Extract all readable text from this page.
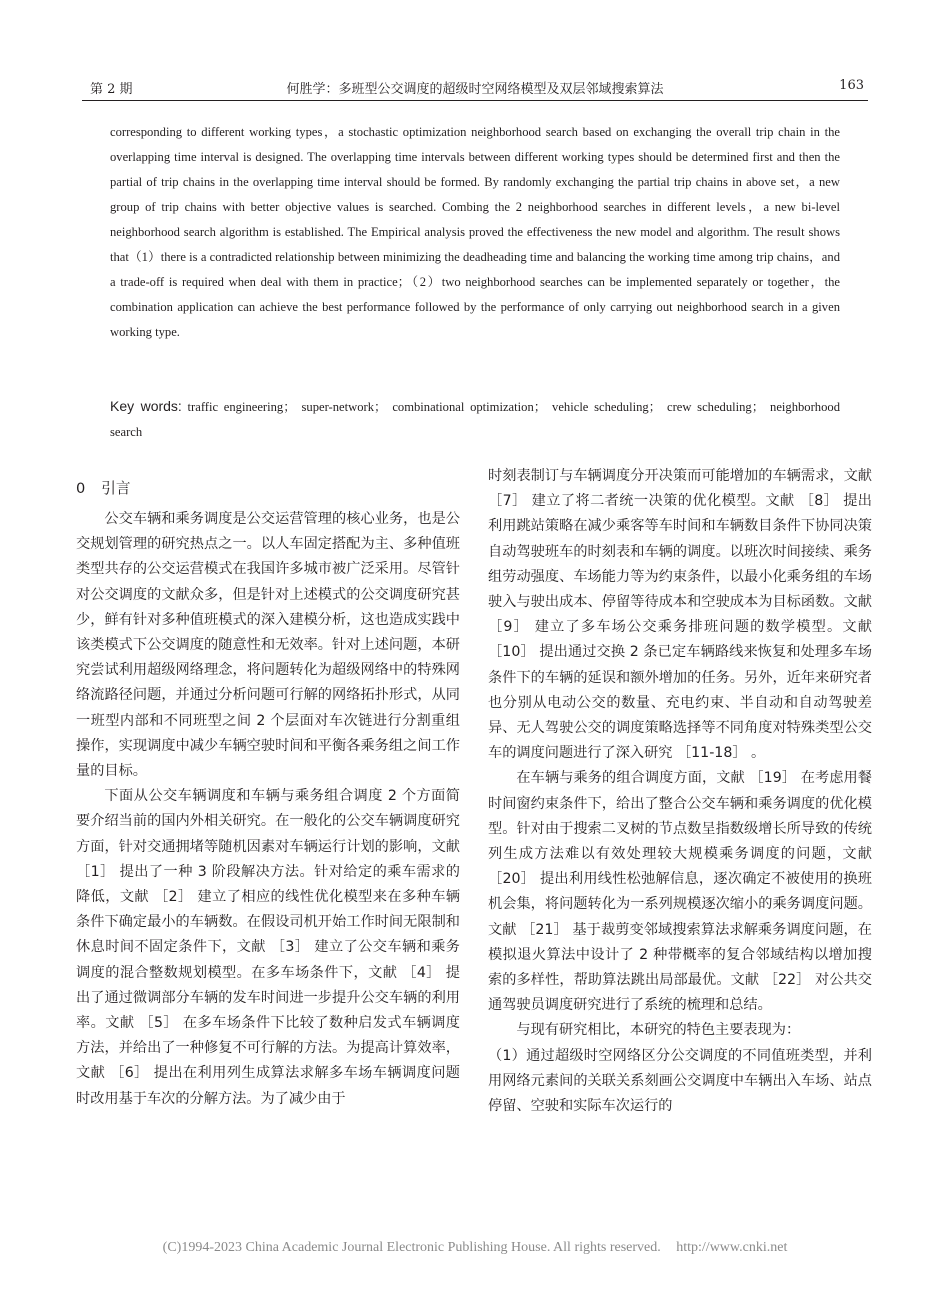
第 2 期	何胜学：多班型公交调度的超级时空网络模型及双层邻域搜索算法	163
corresponding to different working types，a stochastic optimization neighborhood search based on exchanging the overall trip chain in the overlapping time interval is designed. The overlapping time intervals between different working types should be determined first and then the partial of trip chains in the overlapping time interval should be formed. By randomly exchanging the partial trip chains in above set，a new group of trip chains with better objective values is searched. Combing the 2 neighborhood searches in different levels，a new bi-level neighborhood search algorithm is established. The Empirical analysis proved the effectiveness the new model and algorithm. The result shows that（1）there is a contradicted relationship between minimizing the deadheading time and balancing the working time among trip chains，and a trade-off is required when deal with them in practice；（2）two neighborhood searches can be implemented separately or together，the combination application can achieve the best performance followed by the performance of only carrying out neighborhood search in a given working type.
Key words: traffic engineering； super-network； combinational optimization； vehicle scheduling； crew scheduling； neighborhood search
0 引言

公交车辆和乘务调度是公交运营管理的核心业务，也是公交规划管理的研究热点之一。以人车固定搭配为主、多种值班类型共存的公交运营模式在我国许多城市被广泛采用。尽管针对公交调度的文献众多，但是针对上述模式的公交调度研究甚少，鲜有针对多种值班模式的深入建模分析，这也造成实践中该类模式下公交调度的随意性和无效率。针对上述问题，本研究尝试利用超级网络理念，将问题转化为超级网络中的特殊网络流路径问题，并通过分析问题可行解的网络拓扑形式，从同一班型内部和不同班型之间 2 个层面对车次链进行分割重组操作，实现调度中减少车辆空驶时间和平衡各乘务组之间工作量的目标。

下面从公交车辆调度和车辆与乘务组合调度 2 个方面简要介绍当前的国内外相关研究。在一般化的公交车辆调度研究方面，针对交通拥堵等随机因素对车辆运行计划的影响，文献 ［1］ 提出了一种 3 阶段解决方法。针对给定的乘车需求的降低，文献 ［2］ 建立了相应的线性优化模型来在多种车辆条件下确定最小的车辆数。在假设司机开始工作时间无限制和休息时间不固定条件下，文献 ［3］ 建立了公交车辆和乘务调度的混合整数规划模型。在多车场条件下，文献 ［4］ 提出了通过微调部分车辆的发车时间进一步提升公交车辆的利用率。文献 ［5］ 在多车场条件下比较了数种启发式车辆调度方法，并给出了一种修复不可行解的方法。为提高计算效率，文献 ［6］ 提出在利用列生成算法求解多车场车辆调度问题时改用基于车次的分解方法。为了减少由于

时刻表制订与车辆调度分开决策而可能增加的车辆需求，文献 ［7］ 建立了将二者统一决策的优化模型。文献 ［8］ 提出利用跳站策略在减少乘客等车时间和车辆数目条件下协同决策自动驾驶班车的时刻表和车辆的调度。以班次时间接续、乘务组劳动强度、车场能力等为约束条件，以最小化乘务组的车场驶入与驶出成本、停留等待成本和空驶成本为目标函数。文献 ［9］ 建立了多车场公交乘务排班问题的数学模型。文献 ［10］ 提出通过交换 2 条已定车辆路线来恢复和处理多车场条件下的车辆的延误和额外增加的任务。另外，近年来研究者也分别从电动公交的数量、充电约束、半自动和自动驾驶差异、无人驾驶公交的调度策略选择等不同角度对特殊类型公交车的调度问题进行了深入研究 ［11-18］ 。

在车辆与乘务的组合调度方面，文献 ［19］ 在考虑用餐时间窗约束条件下，给出了整合公交车辆和乘务调度的优化模型。针对由于搜索二叉树的节点数呈指数级增长所导致的传统列生成方法难以有效处理较大规模乘务调度的问题，文献 ［20］ 提出利用线性松弛解信息，逐次确定不被使用的换班机会集，将问题转化为一系列规模逐次缩小的乘务调度问题。文献 ［21］ 基于裁剪变邻域搜索算法求解乘务调度问题，在模拟退火算法中设计了 2 种带概率的复合邻域结构以增加搜索的多样性，帮助算法跳出局部最优。文献 ［22］ 对公共交通驾驶员调度研究进行了系统的梳理和总结。

与现有研究相比，本研究的特色主要表现为：

（1）通过超级时空网络区分公交调度的不同值班类型，并利用网络元素间的关联关系刻画公交调度中车辆出入车场、站点停留、空驶和实际车次运行的

(C)1994-2023 China Academic Journal Electronic Publishing House. All rights reserved. http://www.cnki.net
